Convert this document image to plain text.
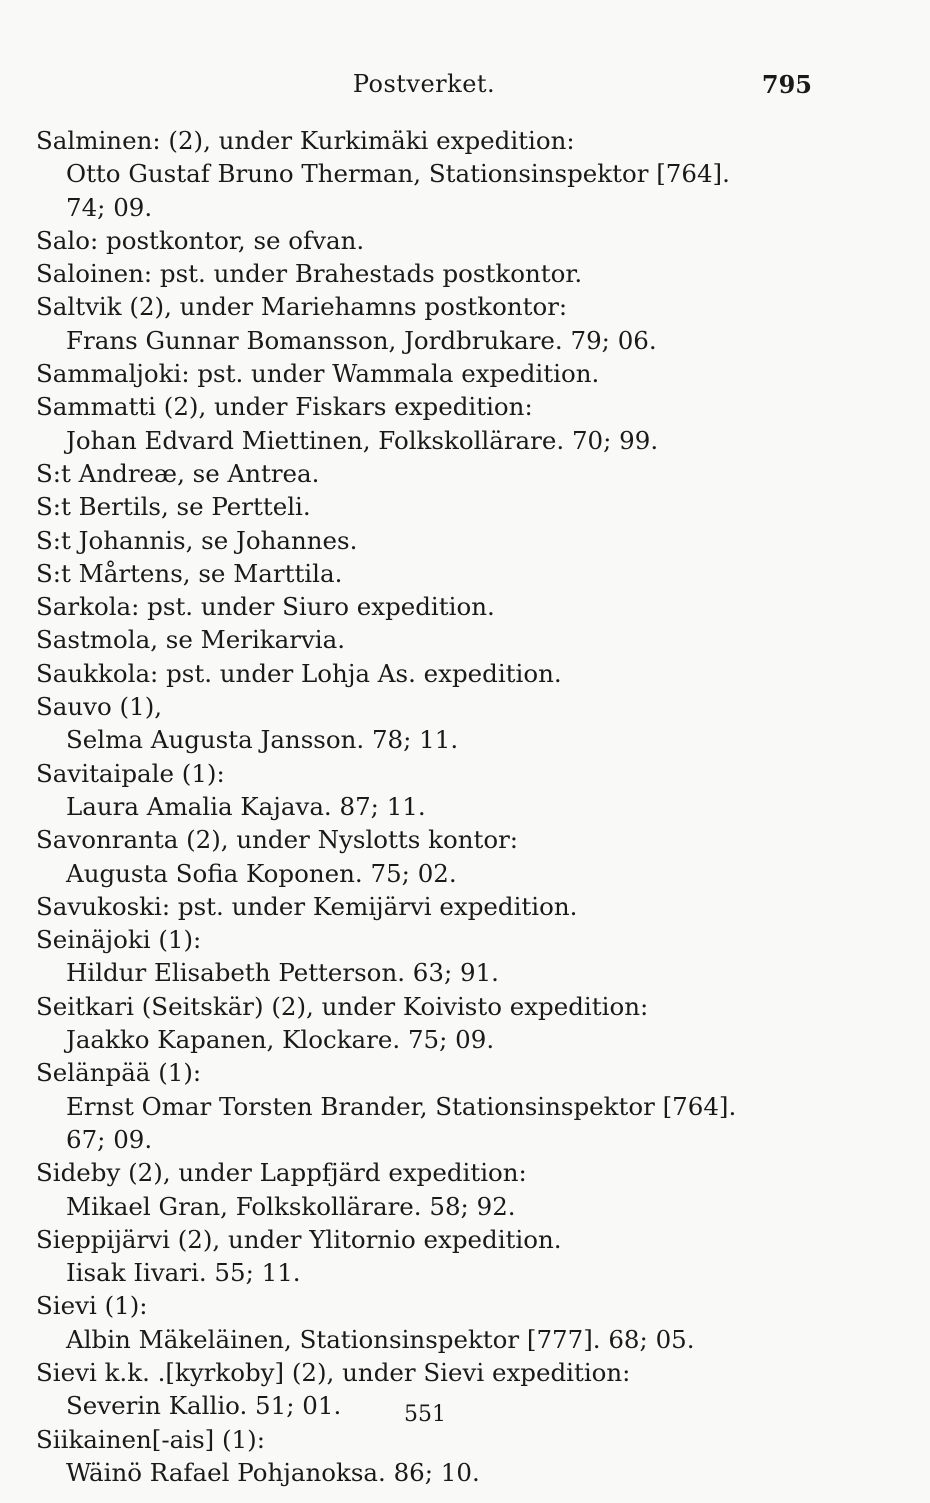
Postverket.	795
Salminen: (2), under Kurkimäki expedition:
Otto Gustaf Bruno Therman, Stationsinspektor [764].
74; 09.
Salo: postkontor, se ofvan.
Saloinen: pst. under Brahestads postkontor.
Saltvik (2), under Mariehamns postkontor:
Frans Gunnar Bomansson, Jordbrukare. 79; 06.
Sammaljoki: pst. under Wammala expedition.
Sammatti (2), under Fiskars expedition:
Johan Edvard Miettinen, Folkskollärare. 70; 99.
S:t Andreæ, se Antrea.
S:t Bertils, se Pertteli.
S:t Johannis, se Johannes.
S:t Mårtens, se Marttila.
Sarkola: pst. under Siuro expedition.
Sastmola, se Merikarvia.
Saukkola: pst. under Lohja As. expedition.
Sauvo (1),
Selma Augusta Jansson. 78; 11.
Savitaipale (1):
Laura Amalia Kajava. 87; 11.
Savonranta (2), under Nyslotts kontor:
Augusta Sofia Koponen. 75; 02.
Savukoski: pst. under Kemijärvi expedition.
Seinäjoki (1):
Hildur Elisabeth Petterson. 63; 91.
Seitkari (Seitskär) (2), under Koivisto expedition:
Jaakko Kapanen, Klockare. 75; 09.
Selänpää (1):
Ernst Omar Torsten Brander, Stationsinspektor [764].
67; 09.
Sideby (2), under Lappfjärd expedition:
Mikael Gran, Folkskollärare. 58; 92.
Sieppijärvi (2), under Ylitornio expedition.
Iisak Iivari. 55; 11.
Sievi (1):
Albin Mäkeläinen, Stationsinspektor [777]. 68; 05.
Sievi k.k. .[kyrkoby] (2), under Sievi expedition:
Severin Kallio. 51; 01.
Siikainen[-ais] (1):
Wäinö Rafael Pohjanoksa. 86; 10.
551
